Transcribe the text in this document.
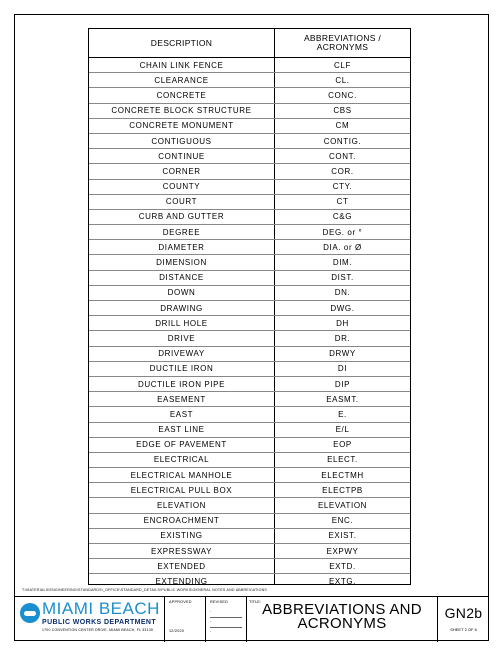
DESCRIPTION	ABBREVIATIONS /
ACRONYMS
CHAIN LINK FENCE	CLF
CLEARANCE	CL.
CONCRETE	CONC.
CONCRETE BLOCK STRUCTURE	CBS
CONCRETE MONUMENT	CM
CONTIGUOUS	CONTIG.
CONTINUE	CONT.
CORNER	COR.
COUNTY	CTY.
COURT	CT
CURB AND GUTTER	C&G
DEGREE	DEG. or °
DIAMETER	DIA. or Ø
DIMENSION	DIM.
DISTANCE	DIST.
DOWN	DN.
DRAWING	DWG.
DRILL HOLE	DH
DRIVE	DR.
DRIVEWAY	DRWY
DUCTILE IRON	DI
DUCTILE IRON PIPE	DIP
EASEMENT	EASMT.
EAST	E.
EAST LINE	E/L
EDGE OF PAVEMENT	EOP
ELECTRICAL	ELECT.
ELECTRICAL MANHOLE	ELECTMH
ELECTRICAL PULL BOX	ELECTPB
ELEVATION	ELEVATION
ENCROACHMENT	ENC.
EXISTING	EXIST.
EXPRESSWAY	EXPWY
EXTENDED	EXTD.
EXTENDING	EXTG.
T:\MATERIALS\ENGINEERING\STANDARDS\_OFFICE\STANDARD_DETAILS\PUBLIC WORKS\GENERAL NOTES AND ABBREVIATIONS
MIAMI BEACH
PUBLIC WORKS DEPARTMENT
1700 CONVENTION CENTER DRIVE, MIAMI BEACH, FL 33139
APPROVED
12/2020
REVISED
-
-
-
TITLE: ABBREVIATIONS AND
ACRONYMS
GN2b
SHEET 2 OF 6
